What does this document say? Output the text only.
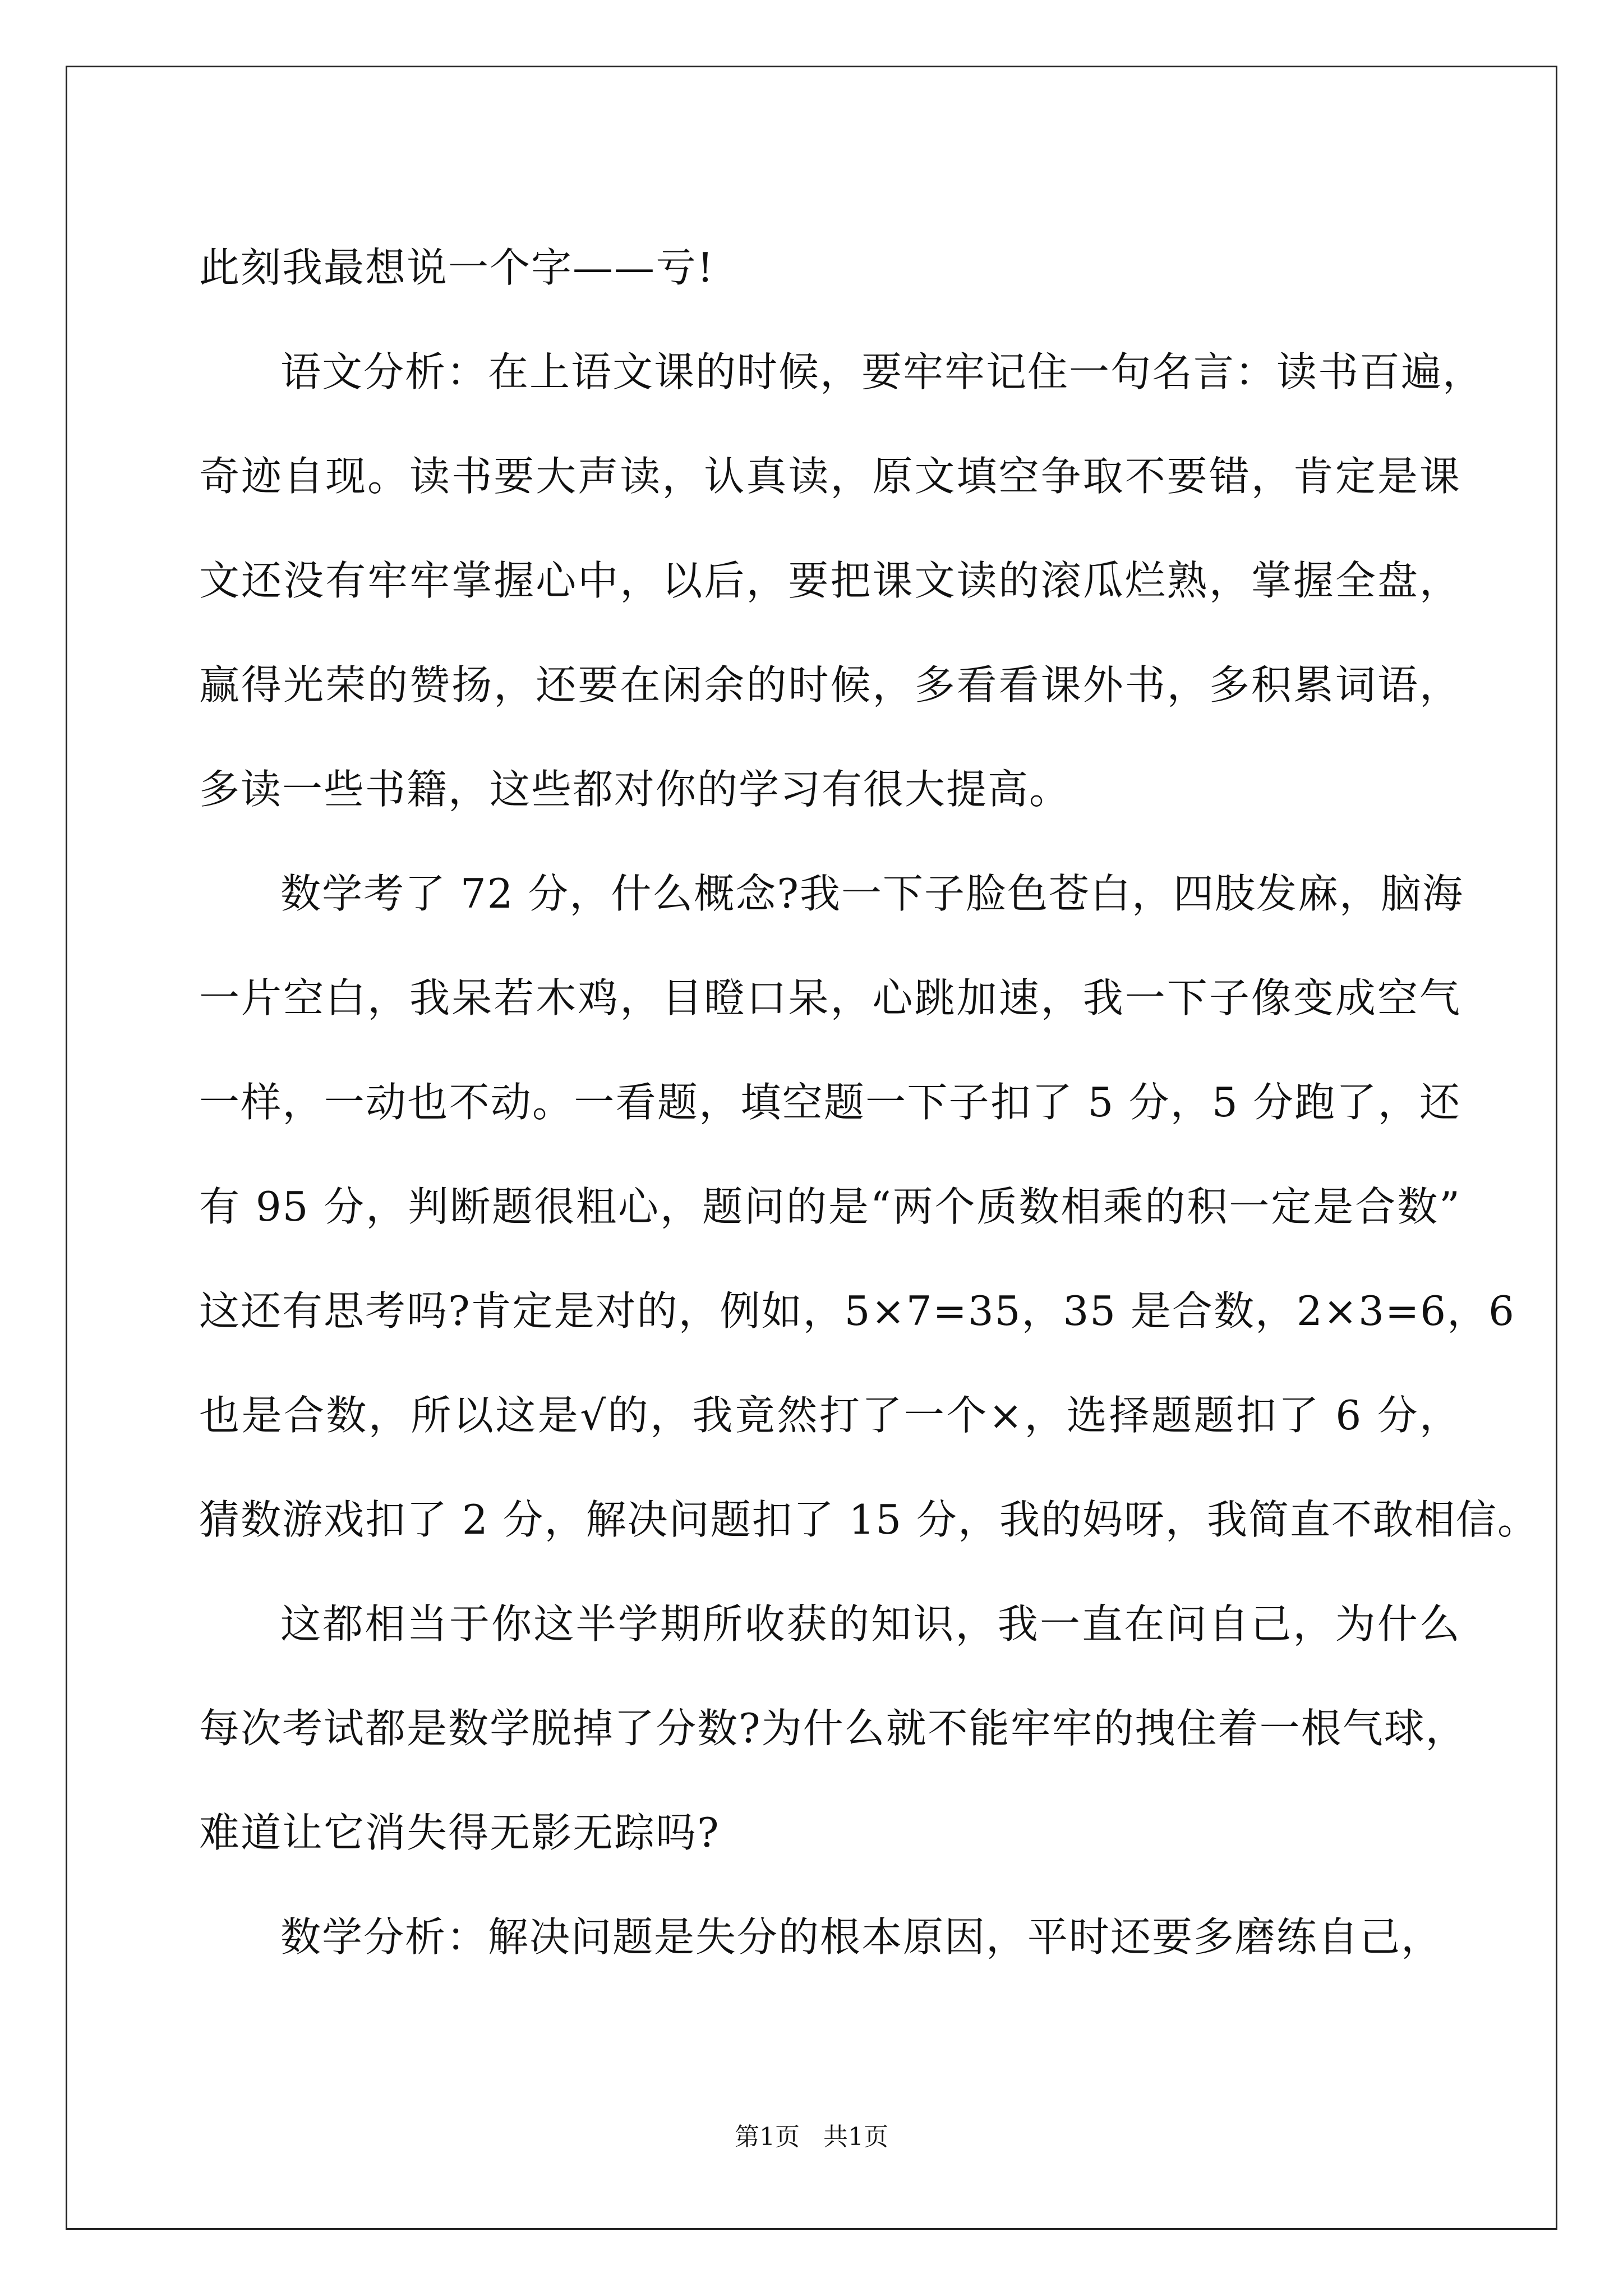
此刻我最想说一个字——亏!
语文分析：在上语文课的时候，要牢牢记住一句名言：读书百遍，
奇迹自现。读书要大声读，认真读，原文填空争取不要错，肯定是课
文还没有牢牢掌握心中，以后，要把课文读的滚瓜烂熟，掌握全盘，
赢得光荣的赞扬，还要在闲余的时候，多看看课外书，多积累词语，
多读一些书籍，这些都对你的学习有很大提高。
数学考了 72 分，什么概念?我一下子脸色苍白，四肢发麻，脑海
一片空白，我呆若木鸡，目瞪口呆，心跳加速，我一下子像变成空气
一样，一动也不动。一看题，填空题一下子扣了 5 分，5 分跑了，还
有 95 分，判断题很粗心，题问的是“两个质数相乘的积一定是合数”
这还有思考吗?肯定是对的，例如，5×7=35，35 是合数，2×3=6，6
也是合数，所以这是√的，我竟然打了一个×，选择题题扣了 6 分，
猜数游戏扣了 2 分，解决问题扣了 15 分，我的妈呀，我简直不敢相信。
这都相当于你这半学期所收获的知识，我一直在问自己，为什么
每次考试都是数学脱掉了分数?为什么就不能牢牢的拽住着一根气球，
难道让它消失得无影无踪吗?
数学分析：解决问题是失分的根本原因，平时还要多磨练自己，
第1页   共1页
